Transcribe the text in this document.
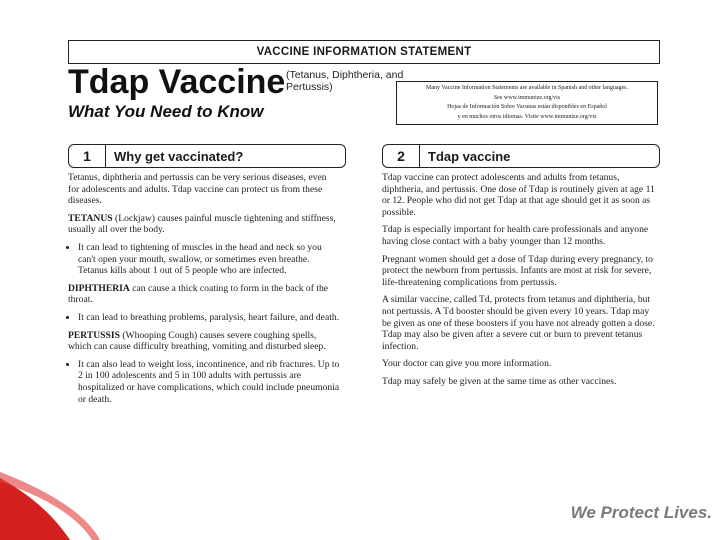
VACCINE INFORMATION STATEMENT
Tdap Vaccine (Tetanus, Diphtheria, and Pertussis)
What You Need to Know
Many Vaccine Information Statements are available in Spanish and other languages.
See www.immunize.org/vis
Hojas de Información Sobre Vacunas están disponibles en Español
y en muchos otros idiomas. Visite www.immunize.org/vis
1	Why get vaccinated?	2	Tdap vaccine

Tetanus, diphtheria and pertussis can be very serious diseases, even for adolescents and adults. Tdap vaccine can protect us from these diseases.

TETANUS (Lockjaw) causes painful muscle tightening and stiffness, usually all over the body.

• It can lead to tightening of muscles in the head and neck so you can't open your mouth, swallow, or sometimes even breathe. Tetanus kills about 1 out of 5 people who are infected.

DIPHTHERIA can cause a thick coating to form in the back of the throat.

• It can lead to breathing problems, paralysis, heart failure, and death.

PERTUSSIS (Whooping Cough) causes severe coughing spells, which can cause difficulty breathing, vomiting and disturbed sleep.

• It can also lead to weight loss, incontinence, and rib fractures. Up to 2 in 100 adolescents and 5 in 100 adults with pertussis are hospitalized or have complications, which could include pneumonia or death.

Tdap vaccine can protect adolescents and adults from tetanus, diphtheria, and pertussis. One dose of Tdap is routinely given at age 11 or 12. People who did not get Tdap at that age should get it as soon as possible.

Tdap is especially important for health care professionals and anyone having close contact with a baby younger than 12 months.

Pregnant women should get a dose of Tdap during every pregnancy, to protect the newborn from pertussis. Infants are most at risk for severe, life-threatening complications from pertussis.

A similar vaccine, called Td, protects from tetanus and diphtheria, but not pertussis. A Td booster should be given every 10 years. Tdap may be given as one of these boosters if you have not already gotten a dose. Tdap may also be given after a severe cut or burn to prevent tetanus infection.

Your doctor can give you more information.

Tdap may safely be given at the same time as other vaccines.

We Protect Lives.
